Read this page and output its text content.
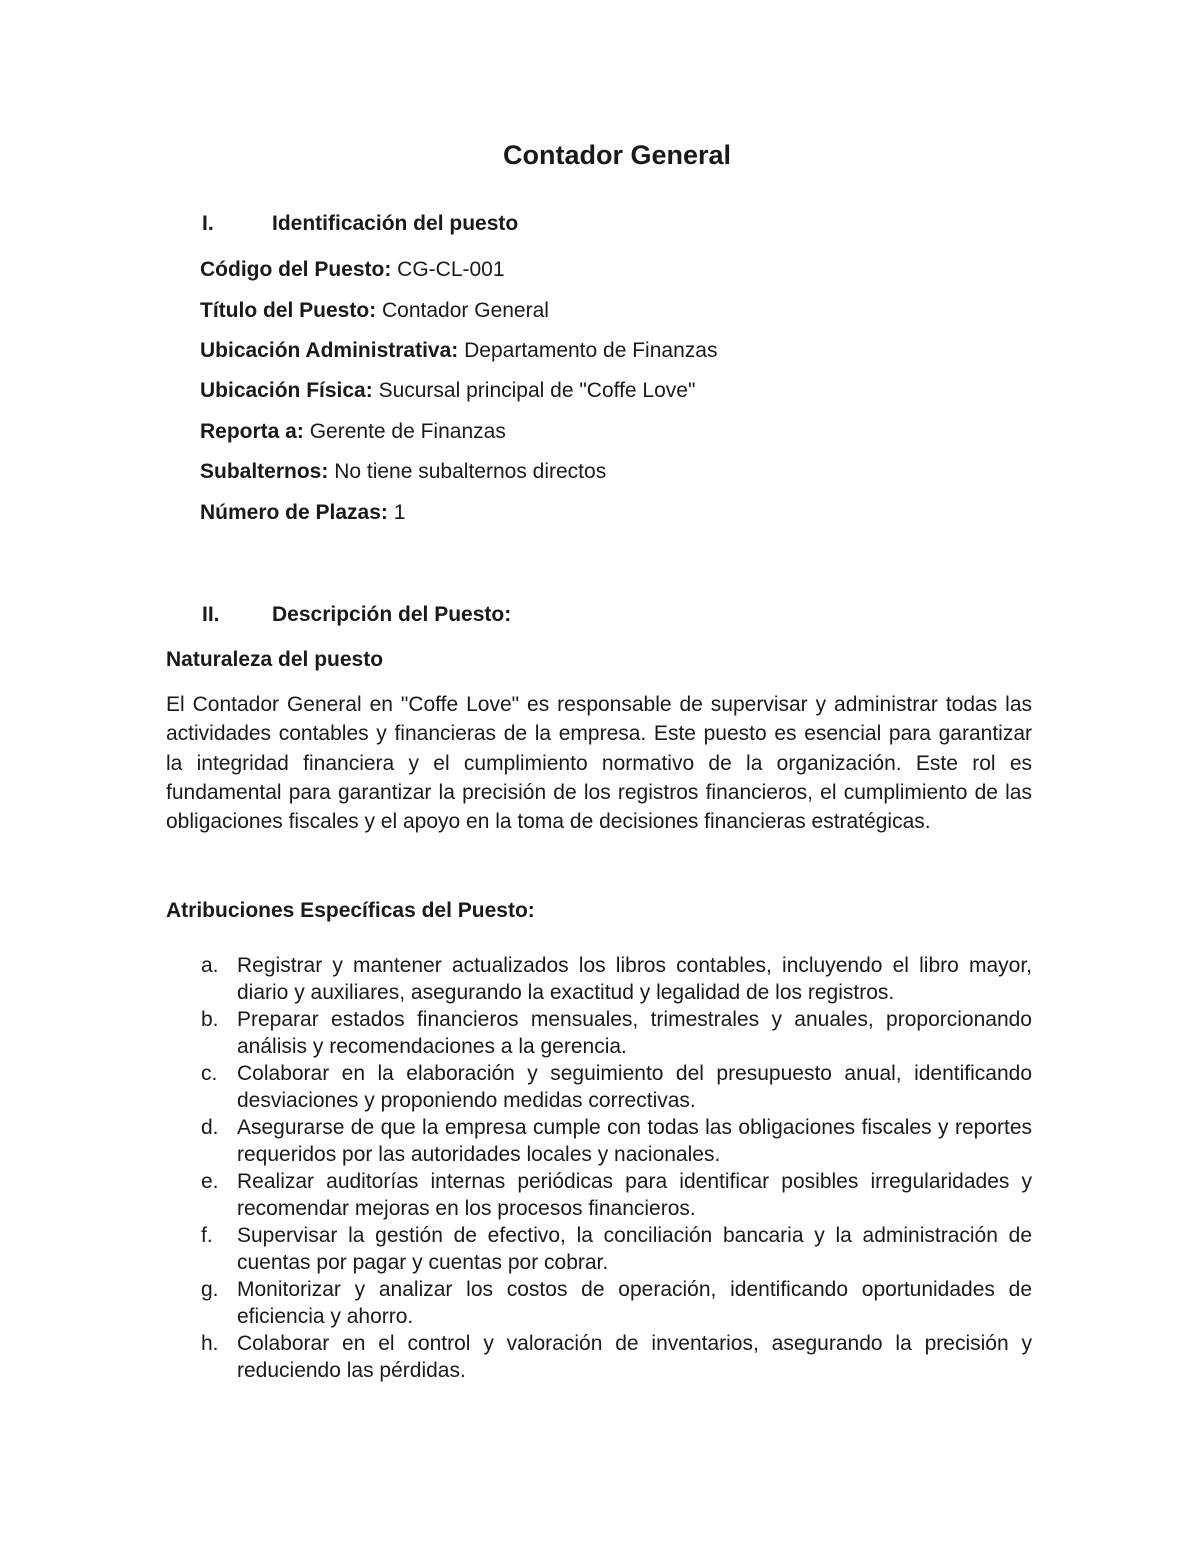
Contador General
I.	Identificación del puesto
Código del Puesto: CG-CL-001
Título del Puesto: Contador General
Ubicación Administrativa: Departamento de Finanzas
Ubicación Física: Sucursal principal de "Coffe Love"
Reporta a: Gerente de Finanzas
Subalternos: No tiene subalternos directos
Número de Plazas: 1
II. Descripción del Puesto:
Naturaleza del puesto

El Contador General en "Coffe Love" es responsable de supervisar y administrar todas las actividades contables y financieras de la empresa. Este puesto es esencial para garantizar la integridad financiera y el cumplimiento normativo de la organización. Este rol es fundamental para garantizar la precisión de los registros financieros, el cumplimiento de las obligaciones fiscales y el apoyo en la toma de decisiones financieras estratégicas.

Atribuciones Específicas del Puesto:
a. Registrar y mantener actualizados los libros contables, incluyendo el libro mayor, diario y auxiliares, asegurando la exactitud y legalidad de los registros.
b. Preparar estados financieros mensuales, trimestrales y anuales, proporcionando análisis y recomendaciones a la gerencia.
c. Colaborar en la elaboración y seguimiento del presupuesto anual, identificando desviaciones y proponiendo medidas correctivas.
d. Asegurarse de que la empresa cumple con todas las obligaciones fiscales y reportes requeridos por las autoridades locales y nacionales.
e. Realizar auditorías internas periódicas para identificar posibles irregularidades y recomendar mejoras en los procesos financieros.
f. Supervisar la gestión de efectivo, la conciliación bancaria y la administración de cuentas por pagar y cuentas por cobrar.
g. Monitorizar y analizar los costos de operación, identificando oportunidades de eficiencia y ahorro.
h. Colaborar en el control y valoración de inventarios, asegurando la precisión y reduciendo las pérdidas.
